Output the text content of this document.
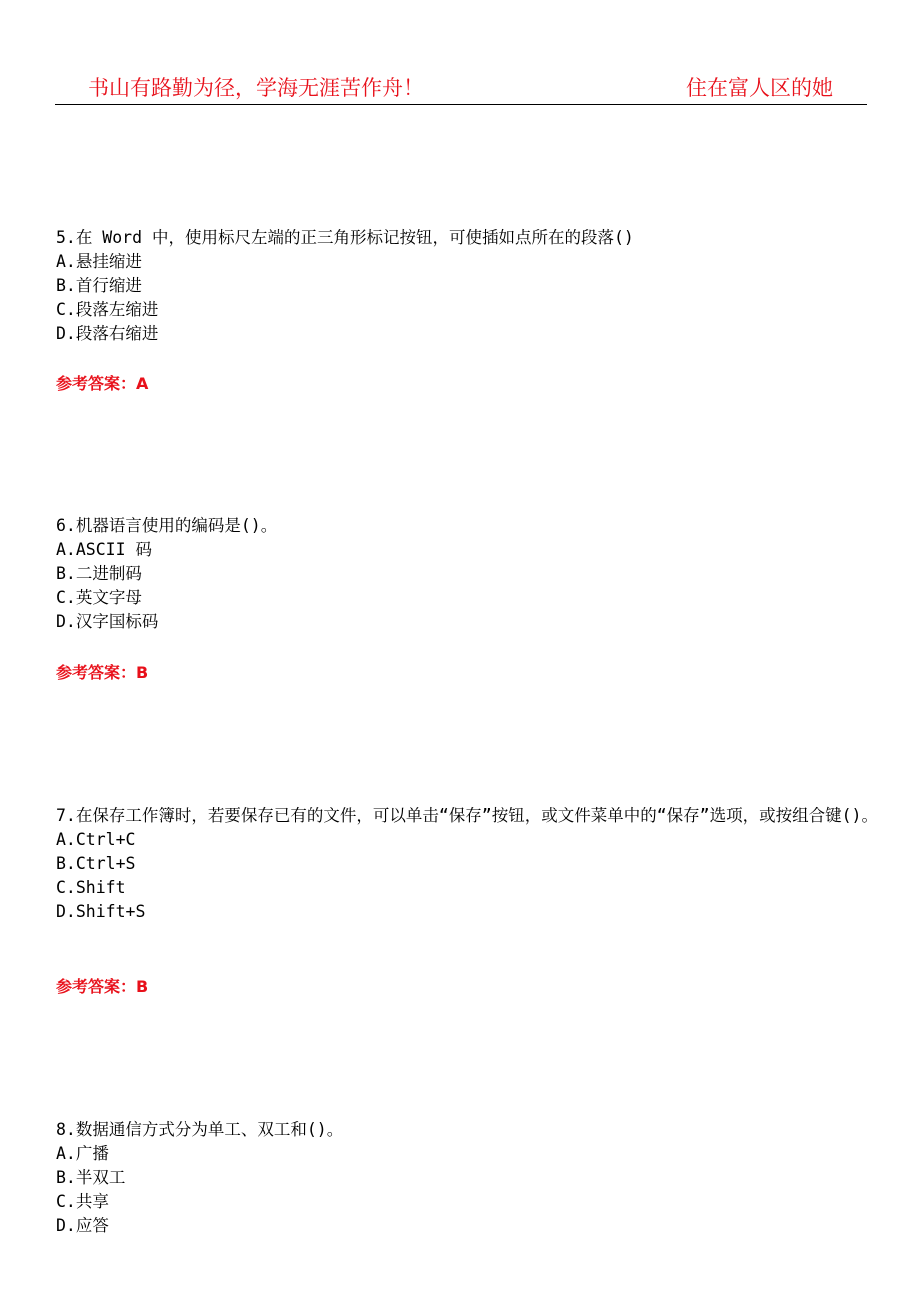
书山有路勤为径，学海无涯苦作舟！	住在富人区的她

5.在 Word 中，使用标尺左端的正三角形标记按钮，可使插如点所在的段落()

A.悬挂缩进

B.首行缩进

C.段落左缩进

D.段落右缩进

参考答案：A

6.机器语言使用的编码是()。

A.ASCII 码

B.二进制码

C.英文字母

D.汉字国标码

参考答案：B

7.在保存工作簿时，若要保存已有的文件，可以单击“保存”按钮，或文件菜单中的“保存”选项，或按组合键()。

A.Ctrl+C

B.Ctrl+S

C.Shift

D.Shift+S

参考答案：B

8.数据通信方式分为单工、双工和()。

A.广播

B.半双工

C.共享

D.应答
